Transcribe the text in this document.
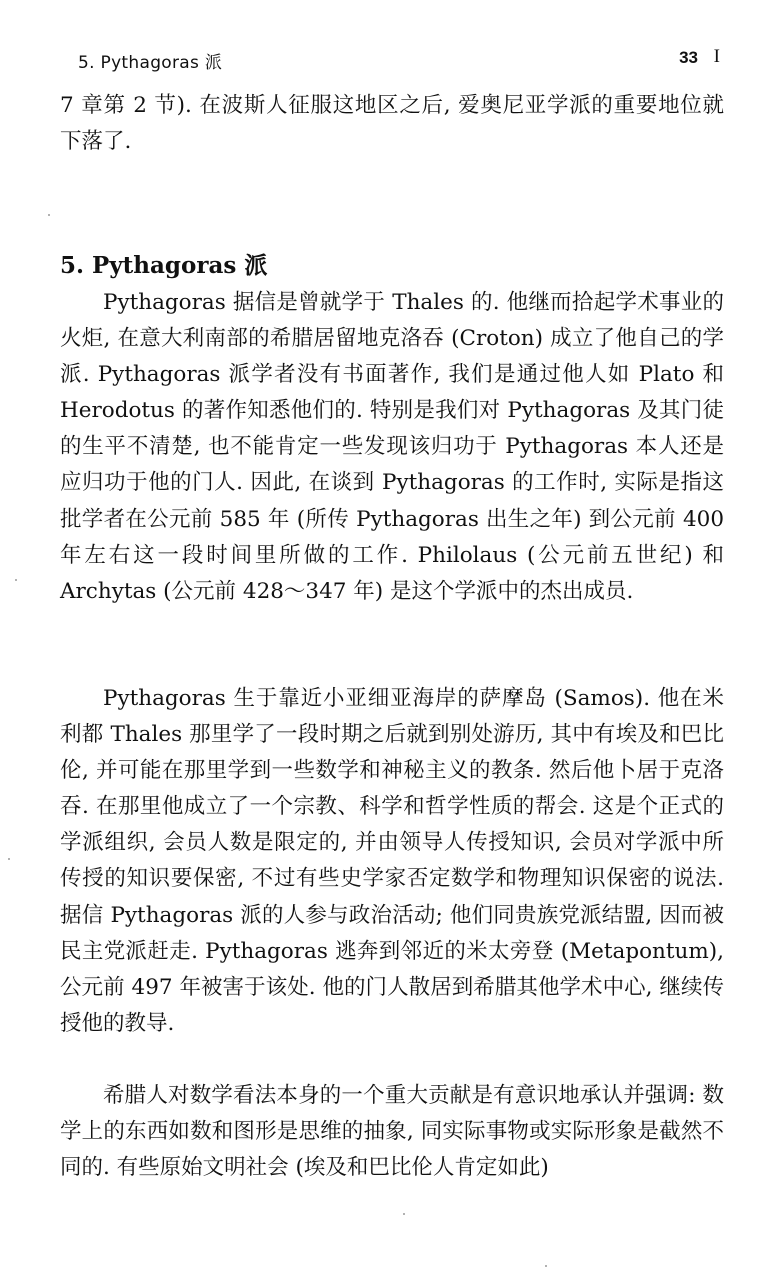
5. Pythagoras 派	33 I

7 章第 2 节). 在波斯人征服这地区之后, 爱奥尼亚学派的重要地位就下落了.

5. Pythagoras 派

Pythagoras 据信是曾就学于 Thales 的. 他继而拾起学术事业的火炬, 在意大利南部的希腊居留地克洛吞 (Croton) 成立了他自己的学派. Pythagoras 派学者没有书面著作, 我们是通过他人如 Plato 和 Herodotus 的著作知悉他们的. 特别是我们对 Pythagoras 及其门徒的生平不清楚, 也不能肯定一些发现该归功于 Pythagoras 本人还是应归功于他的门人. 因此, 在谈到 Pythagoras 的工作时, 实际是指这批学者在公元前 585 年 (所传 Pythagoras 出生之年) 到公元前 400 年左右这一段时间里所做的工作. Philolaus (公元前五世纪) 和 Archytas (公元前 428～347 年) 是这个学派中的杰出成员.

Pythagoras 生于靠近小亚细亚海岸的萨摩岛 (Samos). 他在米利都 Thales 那里学了一段时期之后就到别处游历, 其中有埃及和巴比伦, 并可能在那里学到一些数学和神秘主义的教条. 然后他卜居于克洛吞. 在那里他成立了一个宗教、科学和哲学性质的帮会. 这是个正式的学派组织, 会员人数是限定的, 并由领导人传授知识, 会员对学派中所传授的知识要保密, 不过有些史学家否定数学和物理知识保密的说法. 据信 Pythagoras 派的人参与政治活动; 他们同贵族党派结盟, 因而被民主党派赶走. Pythagoras 逃奔到邻近的米太旁登 (Metapontum), 公元前 497 年被害于该处. 他的门人散居到希腊其他学术中心, 继续传授他的教导.

希腊人对数学看法本身的一个重大贡献是有意识地承认并强调: 数学上的东西如数和图形是思维的抽象, 同实际事物或实际形象是截然不同的. 有些原始文明社会 (埃及和巴比伦人肯定如此)
